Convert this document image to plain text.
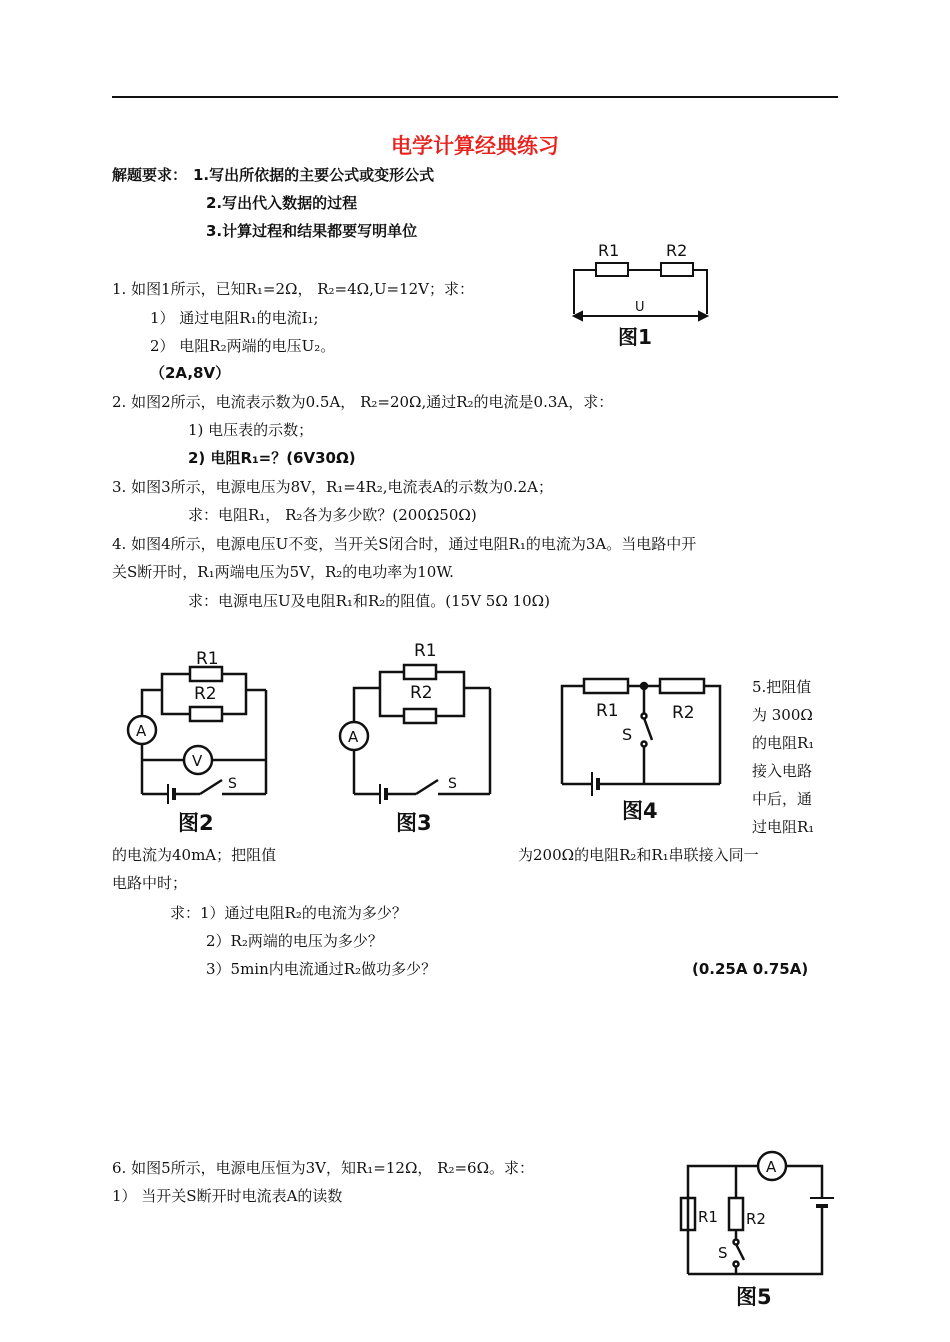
电学计算经典练习
解题要求： 1.写出所依据的主要公式或变形公式
2.写出代入数据的过程
3.计算过程和结果都要写明单位
1. 如图1所示，已知R₁=2Ω， R₂=4Ω,U=12V；求：
1） 通过电阻R₁的电流I₁;
2） 电阻R₂两端的电压U₂。
（2A,8V）
2. 如图2所示，电流表示数为0.5A， R₂=20Ω,通过R₂的电流是0.3A，求：
1) 电压表的示数；
2) 电阻R₁=？(6V30Ω)
3. 如图3所示，电源电压为8V，R₁=4R₂,电流表A的示数为0.2A；
求：电阻R₁， R₂各为多少欧？(200Ω50Ω)
4. 如图4所示，电源电压U不变，当开关S闭合时，通过电阻R₁的电流为3A。当电路中开
关S断开时，R₁两端电压为5V，R₂的电功率为10W.
求：电源电压U及电阻R₁和R₂的阻值。(15V 5Ω 10Ω)
5.把阻值
为 300Ω
的电阻R₁
接入电路
中后，通
过电阻R₁
的电流为40mA；把阻值	为200Ω的电阻R₂和R₁串联接入同一
电路中时；
求：1）通过电阻R₂的电流为多少？
2）R₂两端的电压为多少？
3）5min内电流通过R₂做功多少？	(0.25A 0.75A)
6. 如图5所示，电源电压恒为3V，知R₁=12Ω， R₂=6Ω。求：
1） 当开关S断开时电流表A的读数
R1	R2
U
图1
R1
R2
A
V
S
图2
R1
R2
A
S
图3
R1	R2
S
图4
A
R1 R2
S
图5
